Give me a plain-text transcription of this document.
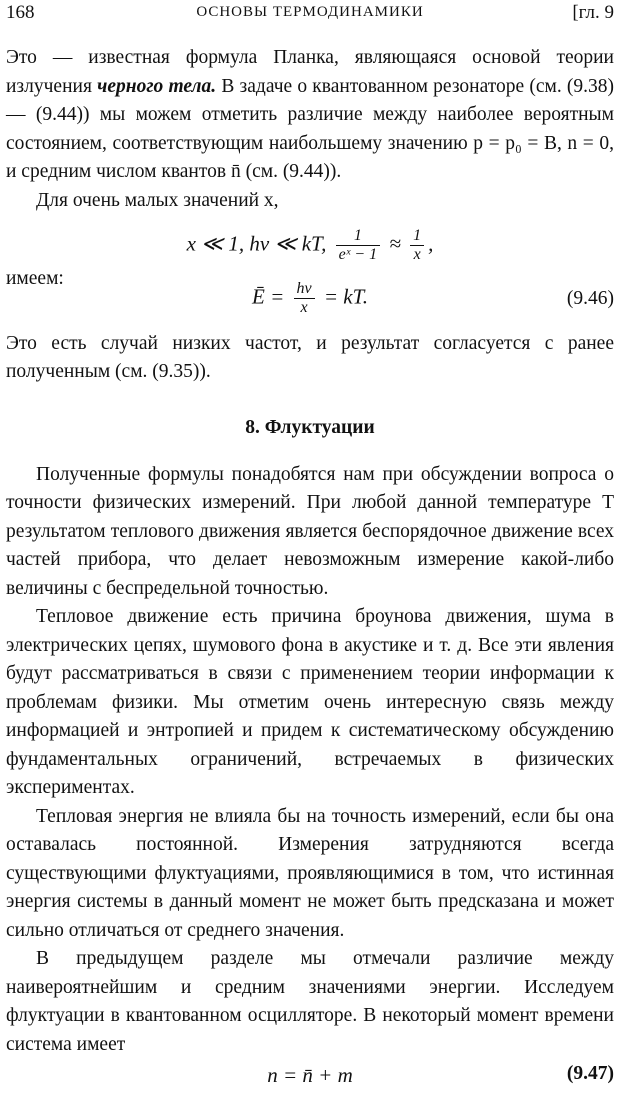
168	ОСНОВЫ ТЕРМОДИНАМИКИ	[гл. 9

Это — известная формула Планка, являющаяся основой теории излучения черного тела. В задаче о квантованном резонаторе (см. (9.38) — (9.44)) мы можем отметить различие между наиболее вероятным состоянием, соответствующим наибольшему значению p = p₀ = B, n = 0, и средним числом квантов n̄ (см. (9.44)).

Для очень малых значений x,

x ≪ 1, hν ≪ kT, $\frac{1}{\text{eˣ − 1}} \approx \frac{1}{x}$ ,

имеем:

Ē = $\frac{h\nu}{x}$ = kT.	(9.46)

Это есть случай низких частот, и результат согласуется с ранее полученным (см. (9.35)).

8. Флуктуации

Полученные формулы понадобятся нам при обсуждении вопроса о точности физических измерений. При любой данной температуре T результатом теплового движения является беспорядочное движение всех частей прибора, что делает невозможным измерение какой-либо величины с беспредельной точностью.

Тепловое движение есть причина броунова движения, шума в электрических цепях, шумового фона в акустике и т. д. Все эти явления будут рассматриваться в связи с применением теории информации к проблемам физики. Мы отметим очень интересную связь между информацией и энтропией и придем к систематическому обсуждению фундаментальных ограничений, встречаемых в физических экспериментах.

Тепловая энергия не влияла бы на точность измерений, если бы она оставалась постоянной. Измерения затрудняются всегда существующими флуктуациями, проявляющимися в том, что истинная энергия системы в данный момент не может быть предсказана и может сильно отличаться от среднего значения.

В предыдущем разделе мы отмечали различие между наивероятнейшим и средним значениями энергии. Исследуем флуктуации в квантованном осцилляторе. В некоторый момент времени система имеет

n = n̄ + m	(9.47)
